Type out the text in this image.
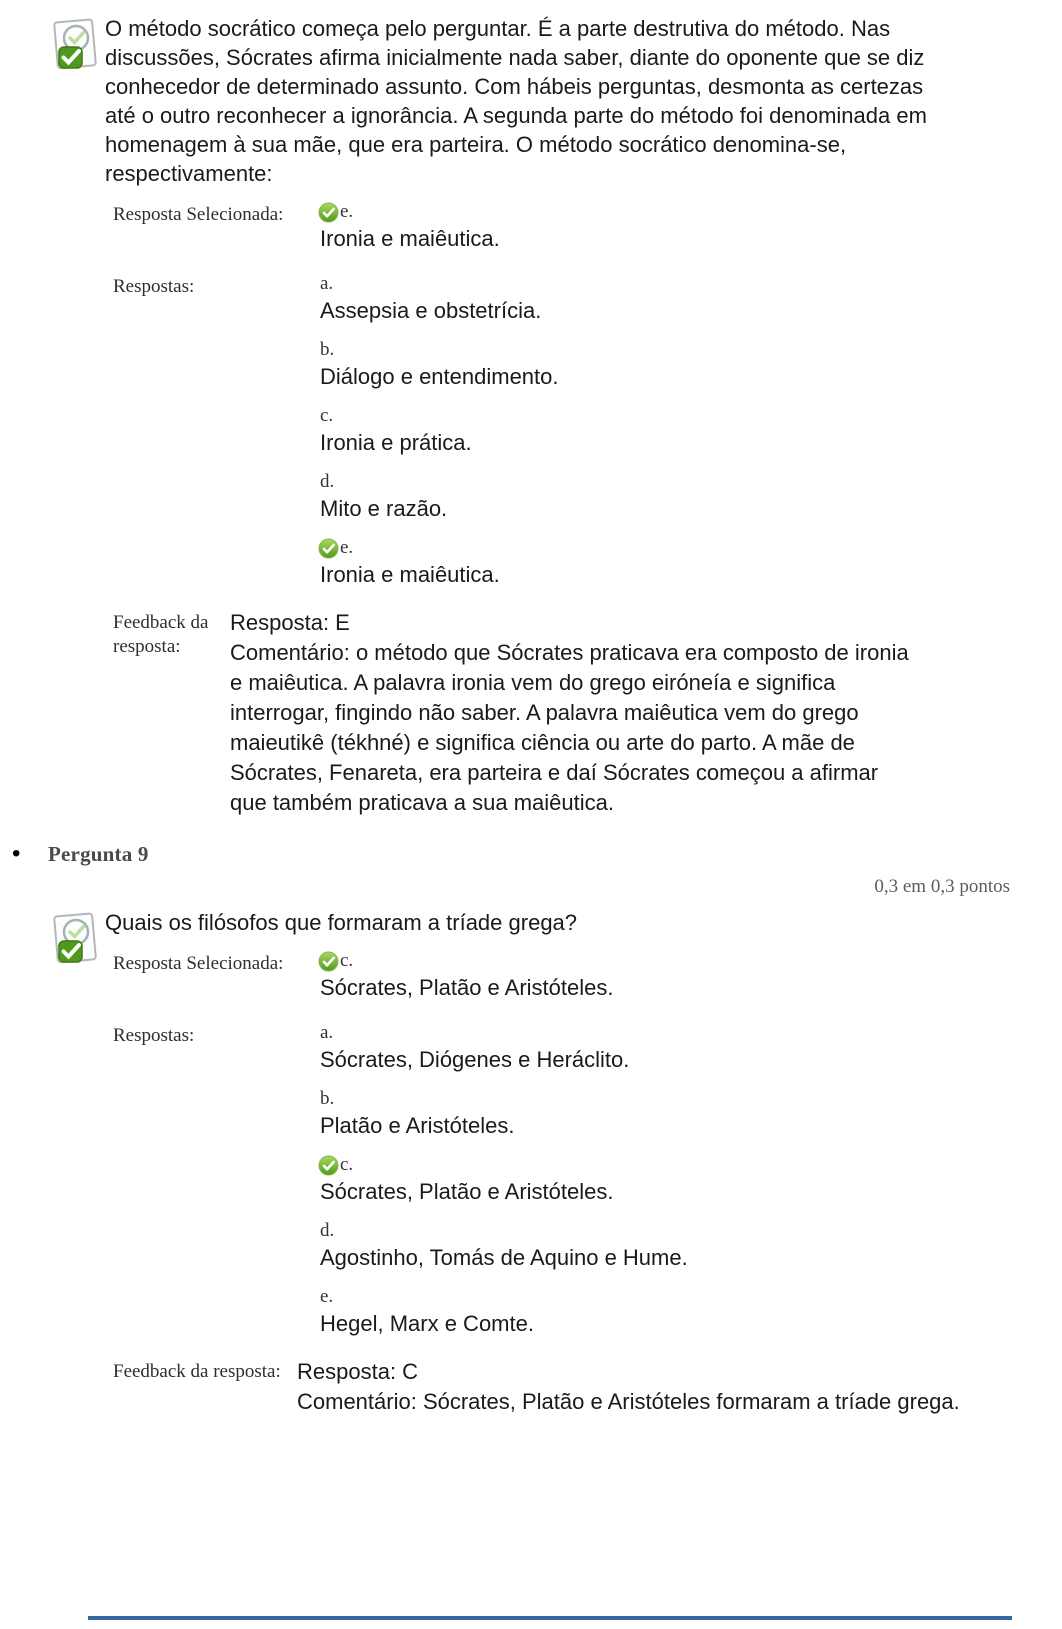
O método socrático começa pelo perguntar. É a parte destrutiva do método. Nas discussões, Sócrates afirma inicialmente nada saber, diante do oponente que se diz conhecedor de determinado assunto. Com hábeis perguntas, desmonta as certezas até o outro reconhecer a ignorância. A segunda parte do método foi denominada em homenagem à sua mãe, que era parteira. O método socrático denomina-se, respectivamente:
Resposta Selecionada:	e.
Ironia e maiêutica.
Respostas:	a.
Assepsia e obstetrícia.
b.
Diálogo e entendimento.
c.
Ironia e prática.
d.
Mito e razão.
e.
Ironia e maiêutica.
Feedback da resposta:
Resposta: E
Comentário: o método que Sócrates praticava era composto de ironia e maiêutica. A palavra ironia vem do grego eiróneía e significa interrogar, fingindo não saber. A palavra maiêutica vem do grego maieutikê (tékhné) e significa ciência ou arte do parto. A mãe de Sócrates, Fenareta, era parteira e daí Sócrates começou a afirmar que também praticava a sua maiêutica.
•	Pergunta 9
0,3 em 0,3 pontos
Quais os filósofos que formaram a tríade grega?
Resposta Selecionada:	c.
Sócrates, Platão e Aristóteles.
Respostas:	a.
Sócrates, Diógenes e Heráclito.
b.
Platão e Aristóteles.
c.
Sócrates, Platão e Aristóteles.
d.
Agostinho, Tomás de Aquino e Hume.
e.
Hegel, Marx e Comte.
Feedback da resposta: Resposta: C
Comentário: Sócrates, Platão e Aristóteles formaram a tríade grega.
